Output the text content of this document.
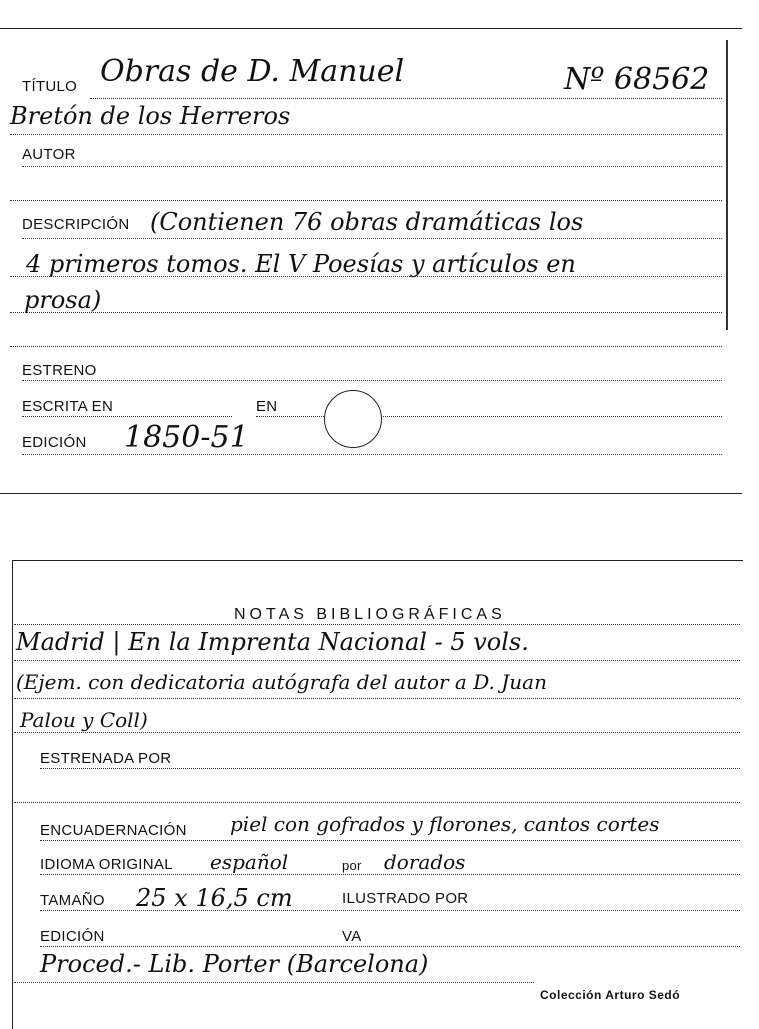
TÍTULO Obras de D. Manuel	Nº 68562
Bretón de los Herreros
AUTOR
DESCRIPCIÓN (Contienen 76 obras dramáticas los
4 primeros tomos. El V Poesías y artículos en
prosa)
ESTRENO
ESCRITA EN	EN
EDICIÓN 1850-51
NOTAS BIBLIOGRÁFICAS
Madrid | En la Imprenta Nacional - 5 vols.
(Ejem. con dedicatoria autógrafa del autor a D. Juan
Palou y Coll)
ESTRENADA POR
ENCUADERNACIÓN piel con gofrados y florones, cantos cortes
IDIOMA ORIGINAL español	por dorados
TAMAÑO 25 x 16,5 cm	ILUSTRADO POR
EDICIÓN	VA
Proced.- Lib. Porter (Barcelona)
Colección Arturo Sedó
